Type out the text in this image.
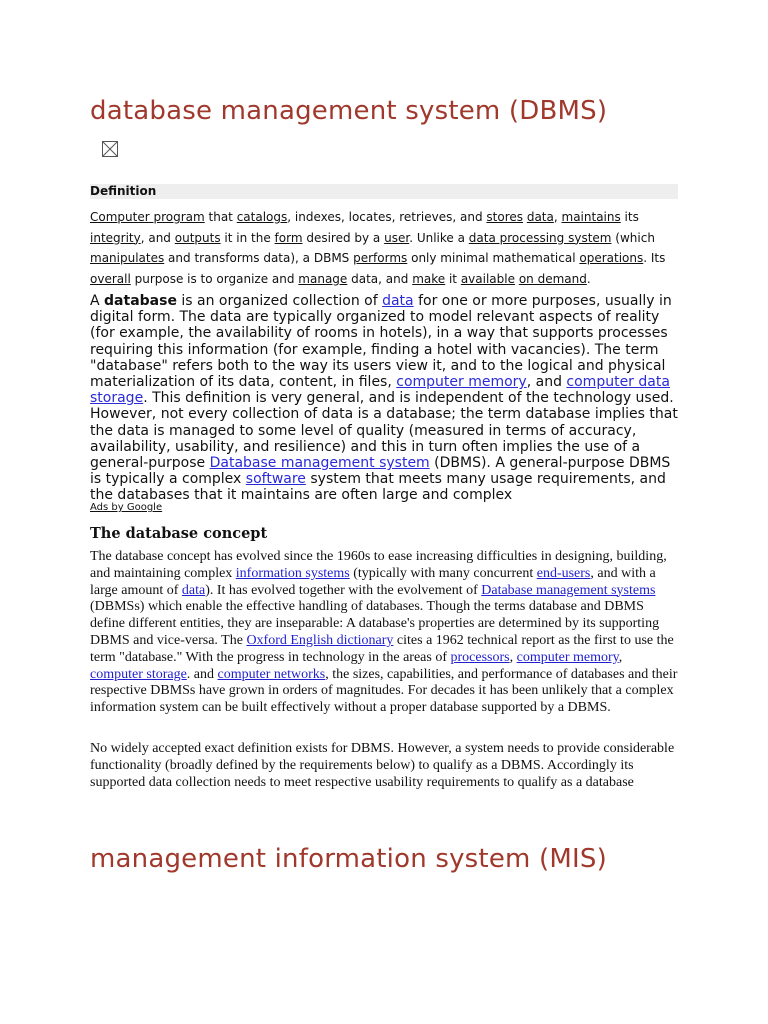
database management system (DBMS)
Definition
Computer program that catalogs, indexes, locates, retrieves, and stores data, maintains its integrity, and outputs it in the form desired by a user. Unlike a data processing system (which manipulates and transforms data), a DBMS performs only minimal mathematical operations. Its overall purpose is to organize and manage data, and make it available on demand.
A database is an organized collection of data for one or more purposes, usually in digital form. The data are typically organized to model relevant aspects of reality (for example, the availability of rooms in hotels), in a way that supports processes requiring this information (for example, finding a hotel with vacancies). The term "database" refers both to the way its users view it, and to the logical and physical materialization of its data, content, in files, computer memory, and computer data storage. This definition is very general, and is independent of the technology used. However, not every collection of data is a database; the term database implies that the data is managed to some level of quality (measured in terms of accuracy, availability, usability, and resilience) and this in turn often implies the use of a general-purpose Database management system (DBMS). A general-purpose DBMS is typically a complex software system that meets many usage requirements, and the databases that it maintains are often large and complex
Ads by Google
The database concept
The database concept has evolved since the 1960s to ease increasing difficulties in designing, building, and maintaining complex information systems (typically with many concurrent end-users, and with a large amount of data). It has evolved together with the evolvement of Database management systems (DBMSs) which enable the effective handling of databases. Though the terms database and DBMS define different entities, they are inseparable: A database's properties are determined by its supporting DBMS and vice-versa. The Oxford English dictionary cites a 1962 technical report as the first to use the term "database." With the progress in technology in the areas of processors, computer memory, computer storage. and computer networks, the sizes, capabilities, and performance of databases and their respective DBMSs have grown in orders of magnitudes. For decades it has been unlikely that a complex information system can be built effectively without a proper database supported by a DBMS.
No widely accepted exact definition exists for DBMS. However, a system needs to provide considerable functionality (broadly defined by the requirements below) to qualify as a DBMS. Accordingly its supported data collection needs to meet respective usability requirements to qualify as a database
management information system (MIS)
